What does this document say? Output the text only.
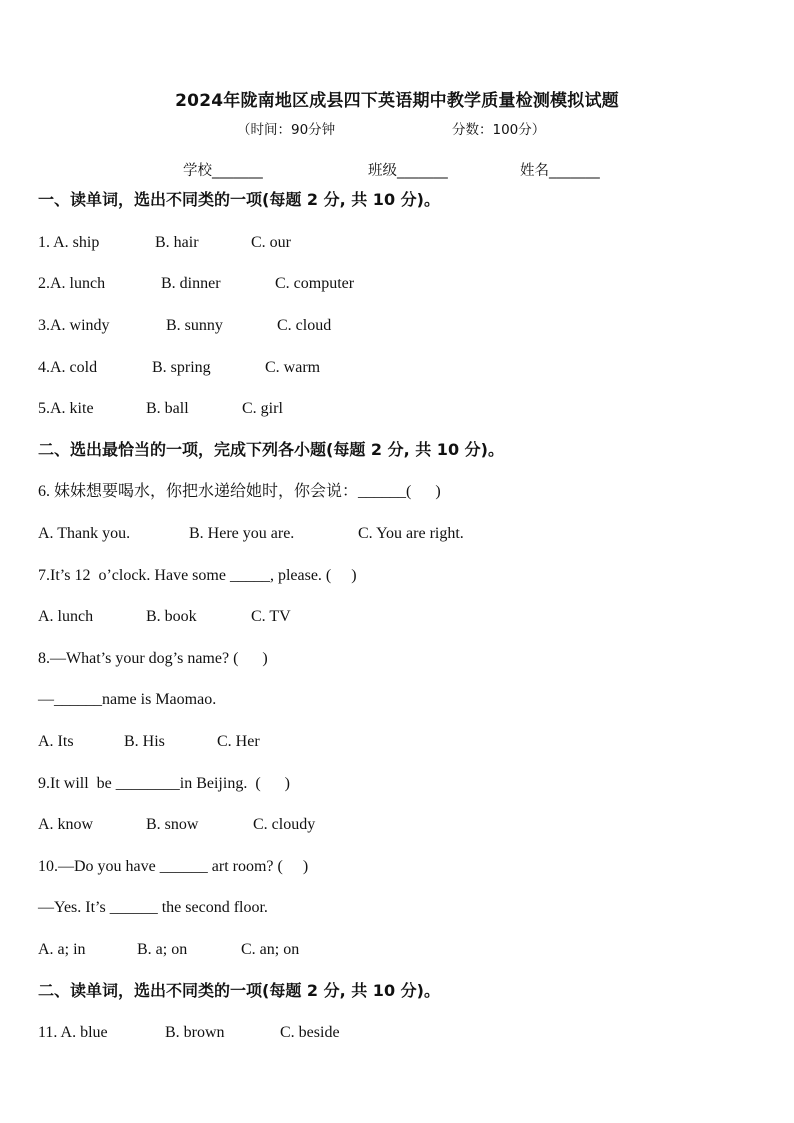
2024年陇南地区成县四下英语期中教学质量检测模拟试题
（时间：90分钟	分数：100分）
学校_______	班级_______	姓名_______
一、读单词，选出不同类的一项(每题 2 分, 共 10 分)。
1. A. ship	B. hair	C. our
2.A. lunch	B. dinner	C. computer
3.A. windy	B. sunny	C. cloud
4.A. cold	B. spring	C. warm
5.A. kite	B. ball	C. girl
二、选出最恰当的一项，完成下列各小题(每题 2 分, 共 10 分)。
6. 妹妹想要喝水，你把水递给她时，你会说：______(      )
A. Thank you.	B. Here you are.	C. You are right.
7.It’s 12  o’clock. Have some _____, please. (     )
A. lunch	B. book	C. TV
8.—What’s your dog’s name? (      )
—______name is Maomao.
A. Its	B. His	C. Her
9.It will  be ________in Beijing.  (      )
A. know	B. snow	C. cloudy
10.—Do you have ______ art room? (     )
—Yes. It’s ______ the second floor.
A. a; in	B. a; on	C. an; on
二、读单词，选出不同类的一项(每题 2 分, 共 10 分)。
11. A. blue	B. brown	C. beside
